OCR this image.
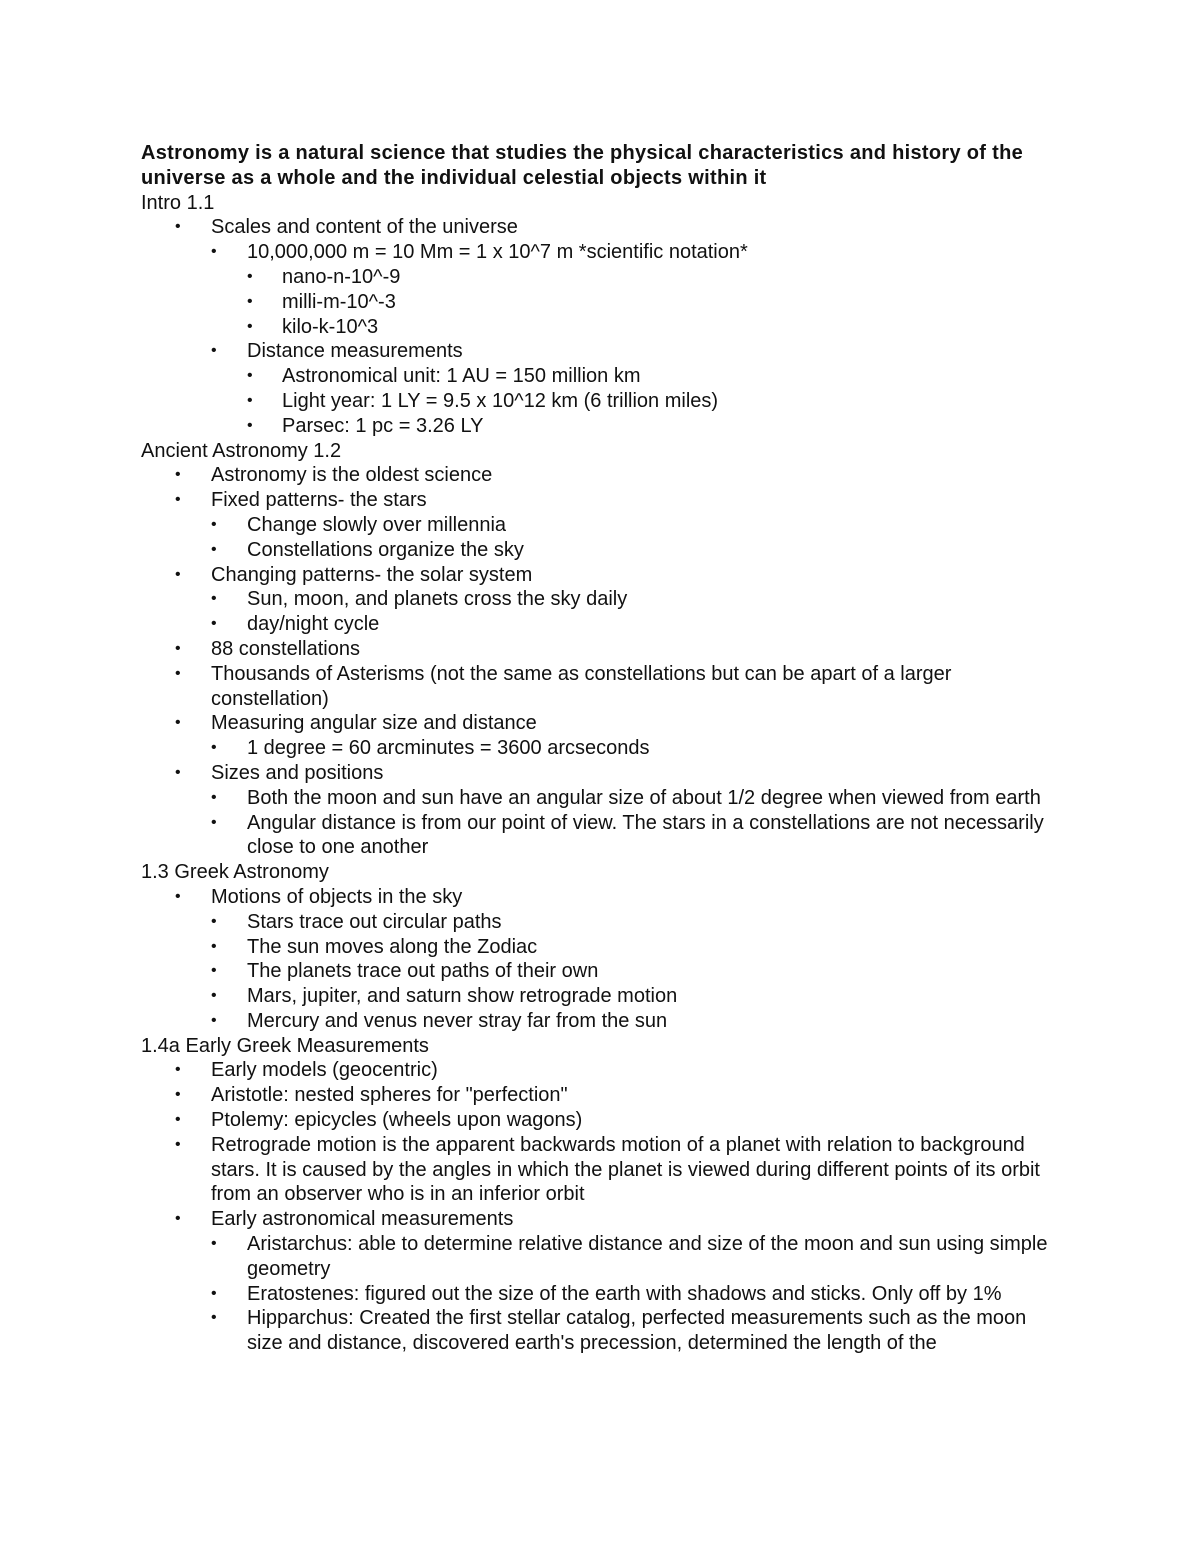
Astronomy is a natural science that studies the physical characteristics and history of the universe as a whole and the individual celestial objects within it

Intro 1.1
• Scales and content of the universe
• 10,000,000 m = 10 Mm = 1 x 10^7 m *scientific notation*
• nano-n-10^-9
• milli-m-10^-3
• kilo-k-10^3
• Distance measurements
• Astronomical unit: 1 AU = 150 million km
• Light year: 1 LY = 9.5 x 10^12 km (6 trillion miles)
• Parsec: 1 pc = 3.26 LY
Ancient Astronomy 1.2
• Astronomy is the oldest science
• Fixed patterns- the stars
• Change slowly over millennia
• Constellations organize the sky
• Changing patterns- the solar system
• Sun, moon, and planets cross the sky daily
• day/night cycle
• 88 constellations
• Thousands of Asterisms (not the same as constellations but can be apart of a larger constellation)
• Measuring angular size and distance
• 1 degree = 60 arcminutes = 3600 arcseconds
• Sizes and positions
• Both the moon and sun have an angular size of about 1/2 degree when viewed from earth
• Angular distance is from our point of view. The stars in a constellations are not necessarily close to one another
1.3 Greek Astronomy
• Motions of objects in the sky
• Stars trace out circular paths
• The sun moves along the Zodiac
• The planets trace out paths of their own
• Mars, jupiter, and saturn show retrograde motion
• Mercury and venus never stray far from the sun
1.4a Early Greek Measurements
• Early models (geocentric)
• Aristotle: nested spheres for "perfection"
• Ptolemy: epicycles (wheels upon wagons)
• Retrograde motion is the apparent backwards motion of a planet with relation to background stars. It is caused by the angles in which the planet is viewed during different points of its orbit from an observer who is in an inferior orbit
• Early astronomical measurements
• Aristarchus: able to determine relative distance and size of the moon and sun using simple geometry
• Eratostenes: figured out the size of the earth with shadows and sticks. Only off by 1%
• Hipparchus: Created the first stellar catalog, perfected measurements such as the moon size and distance, discovered earth's precession, determined the length of the
